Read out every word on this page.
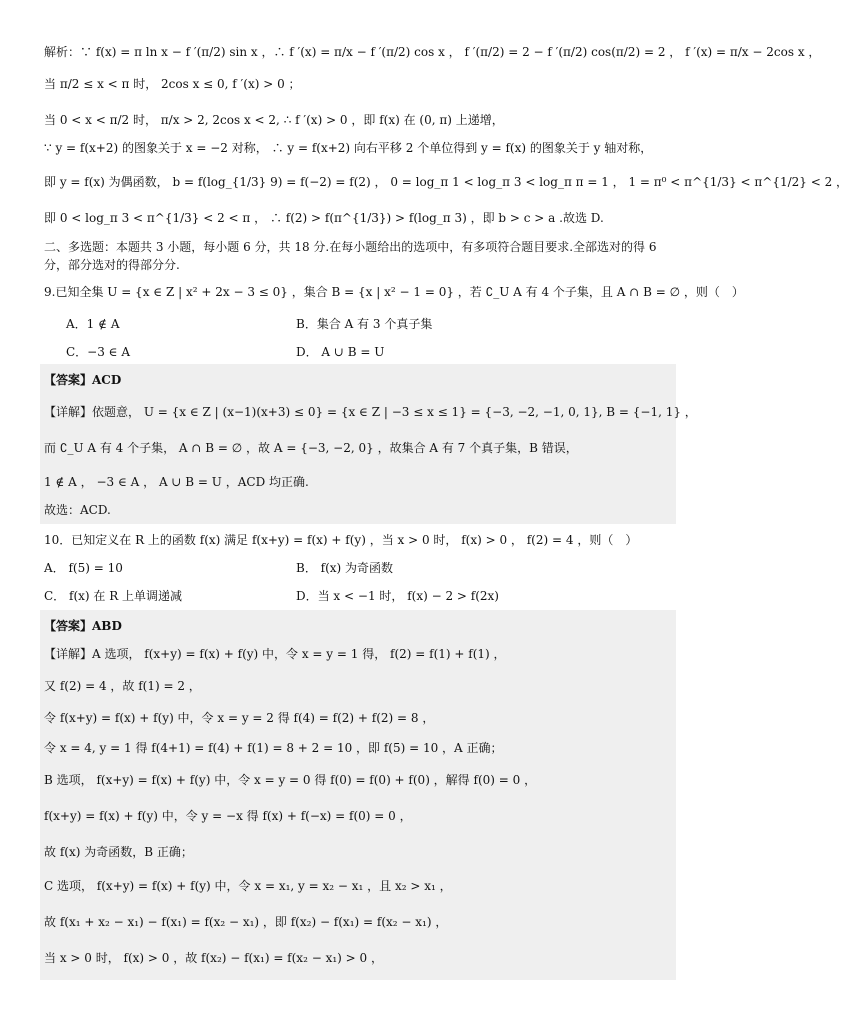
解析：∵ f(x) = π ln x − f ′(π/2) sin x ，∴ f ′(x) = π/x − f ′(π/2) cos x ， f ′(π/2) = 2 − f ′(π/2) cos(π/2) = 2 ， f ′(x) = π/x − 2cos x ，
当 π/2 ≤ x < π 时， 2cos x ≤ 0, f ′(x) > 0 ；
当 0 < x < π/2 时， π/x > 2, 2cos x < 2, ∴ f ′(x) > 0 ，即 f(x) 在 (0, π) 上递增，
∵ y = f(x+2) 的图象关于 x = −2 对称， ∴ y = f(x+2) 向右平移 2 个单位得到 y = f(x) 的图象关于 y 轴对称，
即 y = f(x) 为偶函数， b = f(log_{1/3} 9) = f(−2) = f(2) ， 0 = log_π 1 < log_π 3 < log_π π = 1 ， 1 = π⁰ < π^{1/3} < π^{1/2} < 2 ，
即 0 < log_π 3 < π^{1/3} < 2 < π ， ∴ f(2) > f(π^{1/3}) > f(log_π 3) ，即 b > c > a .故选 D.
二、多选题：本题共 3 小题，每小题 6 分，共 18 分.在每小题给出的选项中，有多项符合题目要求.全部选对的得 6 分，部分选对的得部分分.
9.已知全集 U = {x ∈ Z | x² + 2x − 3 ≤ 0} ，集合 B = {x | x² − 1 = 0} ，若 ∁_U A 有 4 个子集，且 A ∩ B = ∅ ，则（　）
A．1 ∉ A	B．集合 A 有 3 个真子集
C．−3 ∈ A	D． A ∪ B = U
【答案】ACD
【详解】依题意， U = {x ∈ Z | (x−1)(x+3) ≤ 0} = {x ∈ Z | −3 ≤ x ≤ 1} = {−3, −2, −1, 0, 1}, B = {−1, 1} ，
而 ∁_U A 有 4 个子集， A ∩ B = ∅ ，故 A = {−3, −2, 0} ，故集合 A 有 7 个真子集，B 错误，
1 ∉ A ， −3 ∈ A ， A ∪ B = U ，ACD 均正确.
故选：ACD.
10．已知定义在 R 上的函数 f(x) 满足 f(x+y) = f(x) + f(y) ，当 x > 0 时， f(x) > 0 ， f(2) = 4 ，则（　）
A． f(5) = 10	B． f(x) 为奇函数
C． f(x) 在 R 上单调递减	D．当 x < −1 时， f(x) − 2 > f(2x)
【答案】ABD
【详解】A 选项， f(x+y) = f(x) + f(y) 中，令 x = y = 1 得， f(2) = f(1) + f(1) ，
又 f(2) = 4 ，故 f(1) = 2 ，
令 f(x+y) = f(x) + f(y) 中，令 x = y = 2 得 f(4) = f(2) + f(2) = 8 ，
令 x = 4, y = 1 得 f(4+1) = f(4) + f(1) = 8 + 2 = 10 ，即 f(5) = 10 ，A 正确；
B 选项， f(x+y) = f(x) + f(y) 中，令 x = y = 0 得 f(0) = f(0) + f(0) ，解得 f(0) = 0 ，
f(x+y) = f(x) + f(y) 中，令 y = −x 得 f(x) + f(−x) = f(0) = 0 ，
故 f(x) 为奇函数，B 正确；
C 选项， f(x+y) = f(x) + f(y) 中，令 x = x₁, y = x₂ − x₁ ，且 x₂ > x₁ ，
故 f(x₁ + x₂ − x₁) − f(x₁) = f(x₂ − x₁) ，即 f(x₂) − f(x₁) = f(x₂ − x₁) ，
当 x > 0 时， f(x) > 0 ，故 f(x₂) − f(x₁) = f(x₂ − x₁) > 0 ，
